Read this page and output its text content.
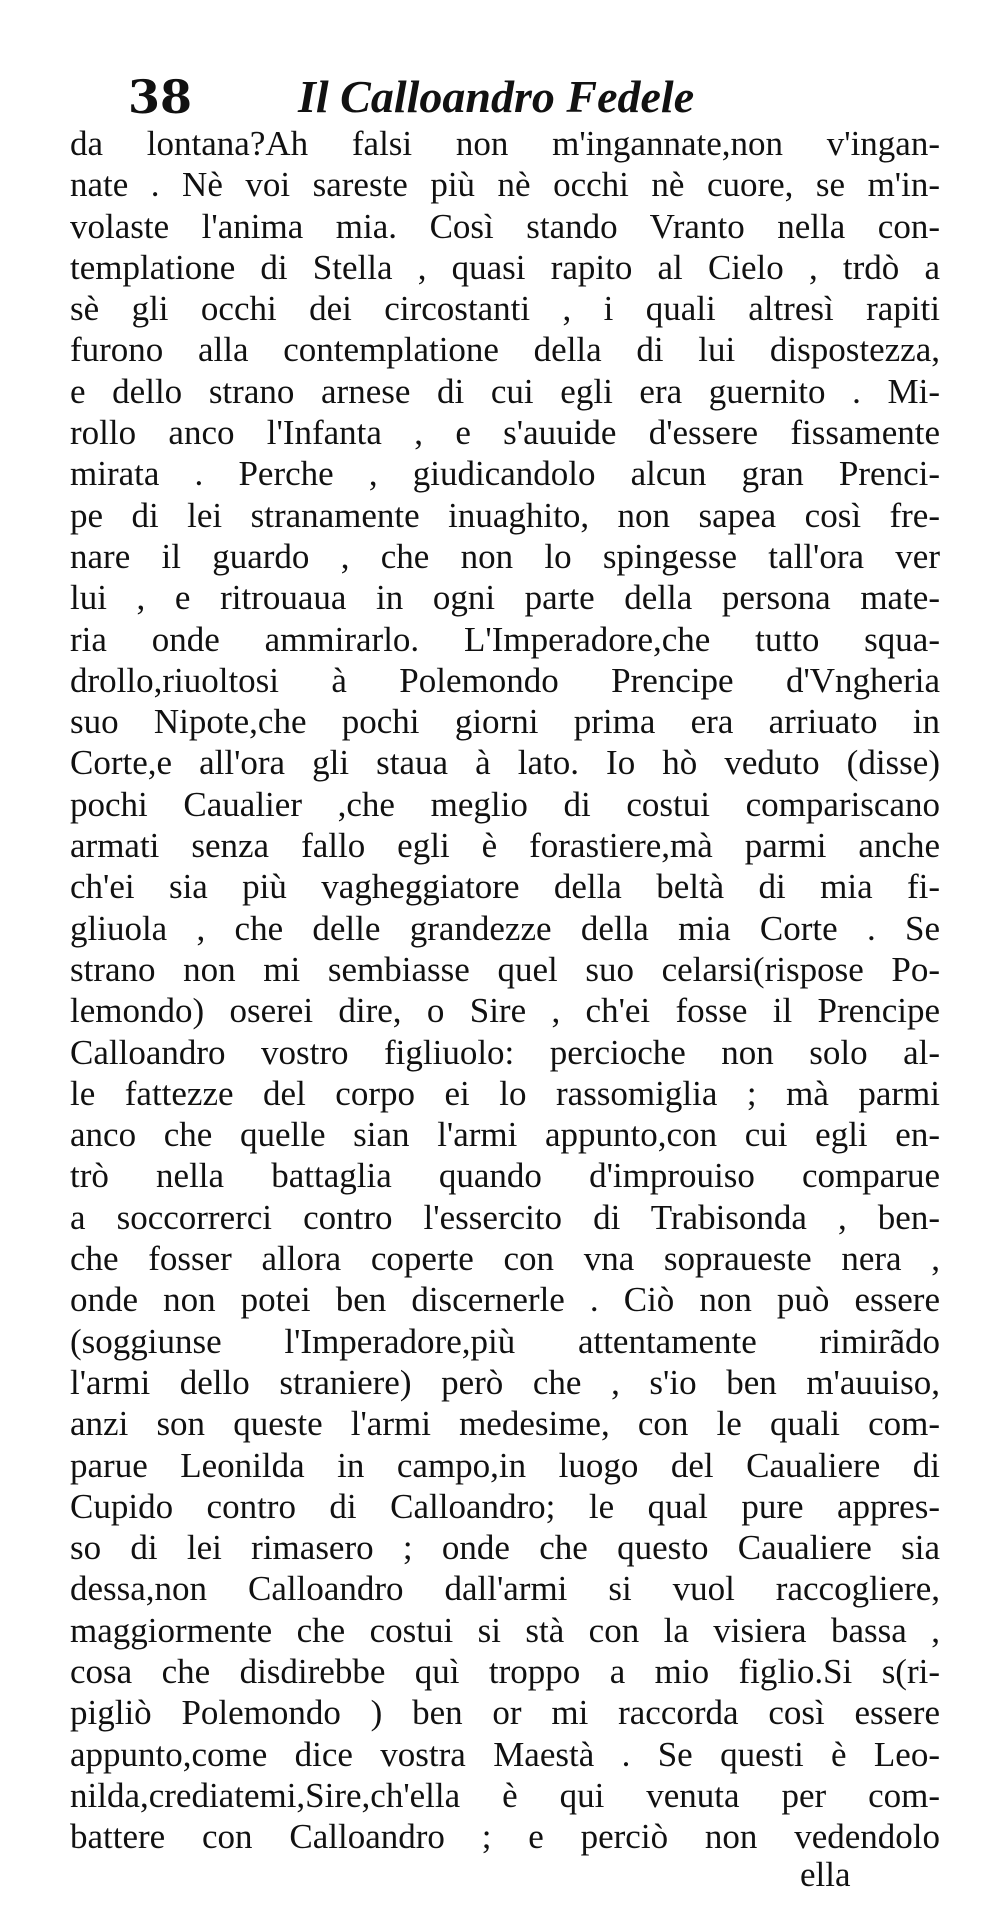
38 Il Calloandro Fedele
da lontana?Ah falsi non m'ingannate,non v'ingan-
nate . Nè voi sareste più nè occhi nè cuore, se m'in-
volaste l'anima mia. Così stando Vranto nella con-
templatione di Stella , quasi rapito al Cielo , trdò a
sè gli occhi dei circostanti , i quali altresì rapiti
furono alla contemplatione della di lui dispostezza,
e dello strano arnese di cui egli era guernito . Mi-
rollo anco l'Infanta , e s'auuide d'essere fissamente
mirata . Perche , giudicandolo alcun gran Prenci-
pe di lei stranamente inuaghito, non sapea così fre-
nare il guardo , che non lo spingesse tall'ora ver
lui , e ritrouaua in ogni parte della persona mate-
ria onde ammirarlo. L'Imperadore,che tutto squa-
drollo,riuoltosi à Polemondo Prencipe d'Vngheria
suo Nipote,che pochi giorni prima era arriuato in
Corte,e all'ora gli staua à lato. Io hò veduto (disse)
pochi Caualier ,che meglio di costui compariscano
armati senza fallo egli è forastiere,mà parmi anche
ch'ei sia più vagheggiatore della beltà di mia fi-
gliuola , che delle grandezze della mia Corte . Se
strano non mi sembiasse quel suo celarsi(rispose Po-
lemondo) oserei dire, o Sire , ch'ei fosse il Prencipe
Calloandro vostro figliuolo: percioche non solo al-
le fattezze del corpo ei lo rassomiglia ; mà parmi
anco che quelle sian l'armi appunto,con cui egli en-
trò nella battaglia quando d'improuiso comparue
a soccorrerci contro l'essercito di Trabisonda , ben-
che fosser allora coperte con vna sopraueste nera ,
onde non potei ben discernerle . Ciò non può essere
(soggiunse l'Imperadore,più attentamente rimirãdo
l'armi dello straniere) però che , s'io ben m'auuiso,
anzi son queste l'armi medesime, con le quali com-
parue Leonilda in campo,in luogo del Caualiere di
Cupido contro di Calloandro; le qual pure appres-
so di lei rimasero ; onde che questo Caualiere sia
dessa,non Calloandro dall'armi si vuol raccogliere,
maggiormente che costui si stà con la visiera bassa ,
cosa che disdirebbe quì troppo a mio figlio.Si s(ri-
pigliò Polemondo ) ben or mi raccorda così essere
appunto,come dice vostra Maestà . Se questi è Leo-
nilda,crediatemi,Sire,ch'ella è qui venuta per com-
battere con Calloandro ; e perciò non vedendolo
ella
